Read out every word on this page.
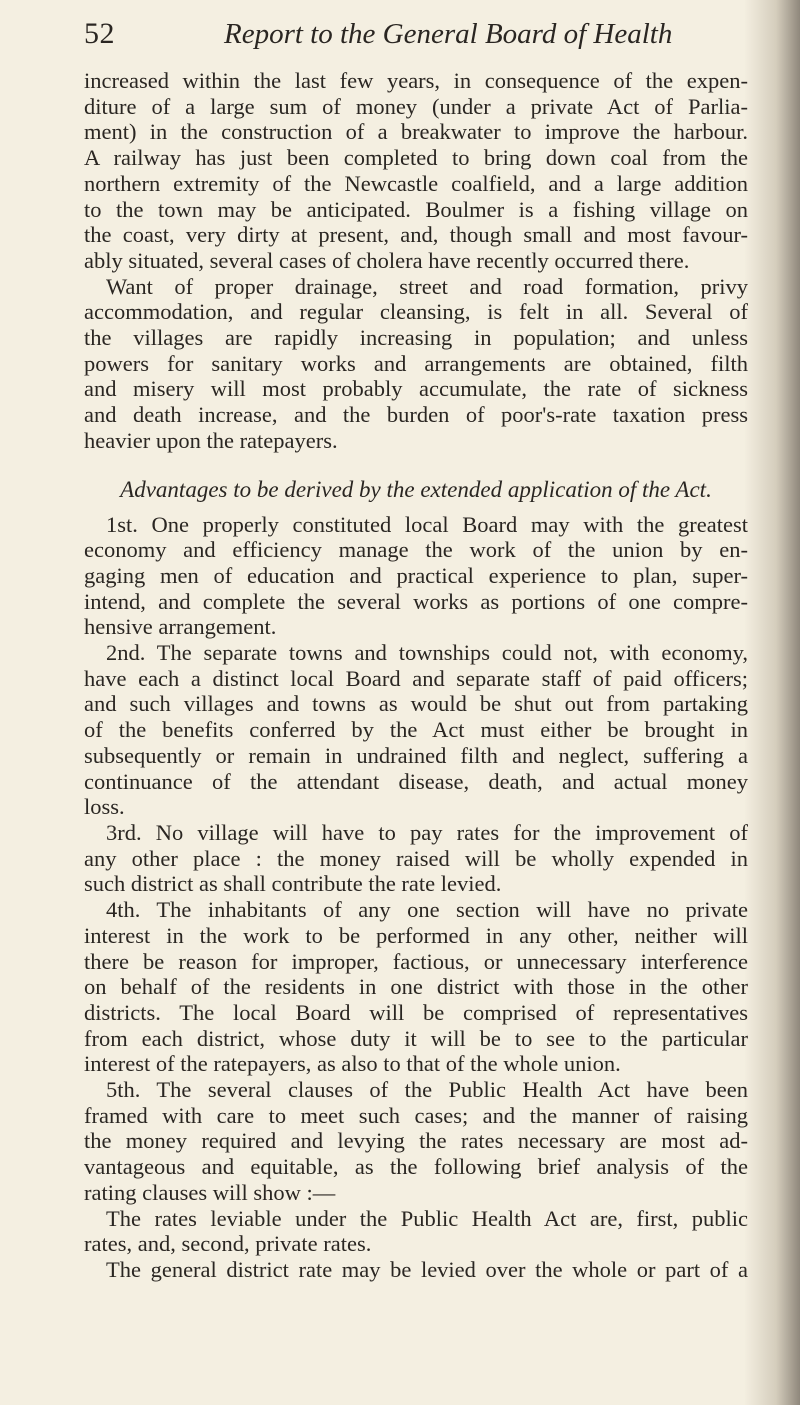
52	Report to the General Board of Health

increased within the last few years, in consequence of the expen-
diture of a large sum of money (under a private Act of Parlia-
ment) in the construction of a breakwater to improve the harbour.
A railway has just been completed to bring down coal from the
northern extremity of the Newcastle coalfield, and a large addition
to the town may be anticipated. Boulmer is a fishing village on
the coast, very dirty at present, and, though small and most favour-
ably situated, several cases of cholera have recently occurred there.

Want of proper drainage, street and road formation, privy
accommodation, and regular cleansing, is felt in all. Several of
the villages are rapidly increasing in population; and unless
powers for sanitary works and arrangements are obtained, filth
and misery will most probably accumulate, the rate of sickness
and death increase, and the burden of poor's-rate taxation press
heavier upon the ratepayers.

Advantages to be derived by the extended application of the Act.

1st. One properly constituted local Board may with the greatest
economy and efficiency manage the work of the union by en-
gaging men of education and practical experience to plan, super-
intend, and complete the several works as portions of one compre-
hensive arrangement.

2nd. The separate towns and townships could not, with economy,
have each a distinct local Board and separate staff of paid officers;
and such villages and towns as would be shut out from partaking
of the benefits conferred by the Act must either be brought in
subsequently or remain in undrained filth and neglect, suffering a
continuance of the attendant disease, death, and actual money
loss.

3rd. No village will have to pay rates for the improvement of
any other place : the money raised will be wholly expended in
such district as shall contribute the rate levied.

4th. The inhabitants of any one section will have no private
interest in the work to be performed in any other, neither will
there be reason for improper, factious, or unnecessary interference
on behalf of the residents in one district with those in the other
districts. The local Board will be comprised of representatives
from each district, whose duty it will be to see to the particular
interest of the ratepayers, as also to that of the whole union.

5th. The several clauses of the Public Health Act have been
framed with care to meet such cases; and the manner of raising
the money required and levying the rates necessary are most ad-
vantageous and equitable, as the following brief analysis of the
rating clauses will show :—

The rates leviable under the Public Health Act are, first, public
rates, and, second, private rates.

The general district rate may be levied over the whole or part of a
